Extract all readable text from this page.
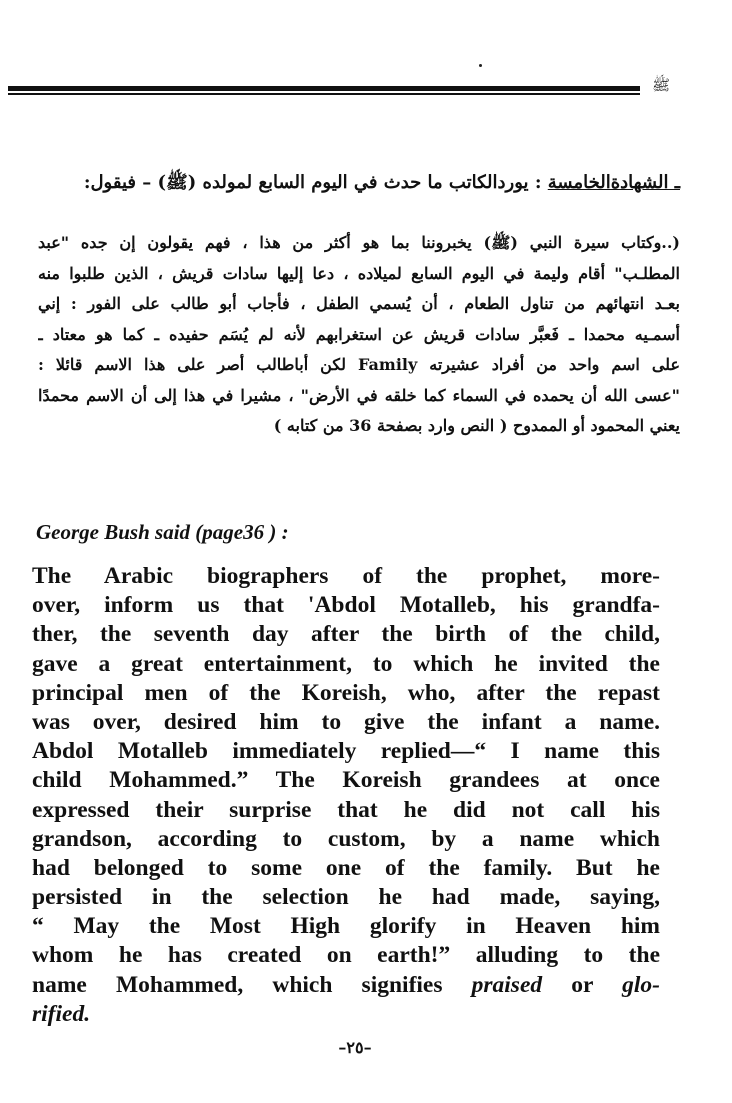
ﷺ
ـ الشهادةالخامسة : يوردالكاتب ما حدث في اليوم السابع لمولده (ﷺ) – فيقول:
(..وكتاب سيرة النبي (ﷺ) يخبروننا بما هو أكثر من هذا ، فهم يقولون إن جده "عبد
المطلـب" أقام وليمة في اليوم السابع لميلاده ، دعا إليها سادات قريش ، الذين طلبوا منه
بعـد انتهائهم من تناول الطعام ، أن يُسمي الطفل ، فأجاب أبو طالب على الفور : إني
أسمـيه محمدا ـ فَعبَّر سادات قريش عن استغرابهم لأنه لم يُسَم حفيده ـ كما هو معتاد ـ
على اسم واحد من أفراد عشيرته Family لكن أباطالب أصر على هذا الاسم قائلا :
"عسى الله أن يحمده في السماء كما خلقه في الأرض" ، مشيرا في هذا إلى أن الاسم محمدًا
يعني المحمود أو الممدوح ( النص وارد بصفحة 36 من كتابه )
George Bush said (page36 ) :
The Arabic biographers of the prophet, more-
over, inform us that 'Abdol Motalleb, his grandfa-
ther, the seventh day after the birth of the child,
gave a great entertainment, to which he invited the
principal men of the Koreish, who, after the repast
was over, desired him to give the infant a name.
Abdol Motalleb immediately replied—“ I name this
child Mohammed.” The Koreish grandees at once
expressed their surprise that he did not call his
grandson, according to custom, by a name which
had belonged to some one of the family. But he
persisted in the selection he had made, saying,
“ May the Most High glorify in Heaven him
whom he has created on earth!” alluding to the
name Mohammed, which signifies praised or glo-
rified.
–٢٥–
